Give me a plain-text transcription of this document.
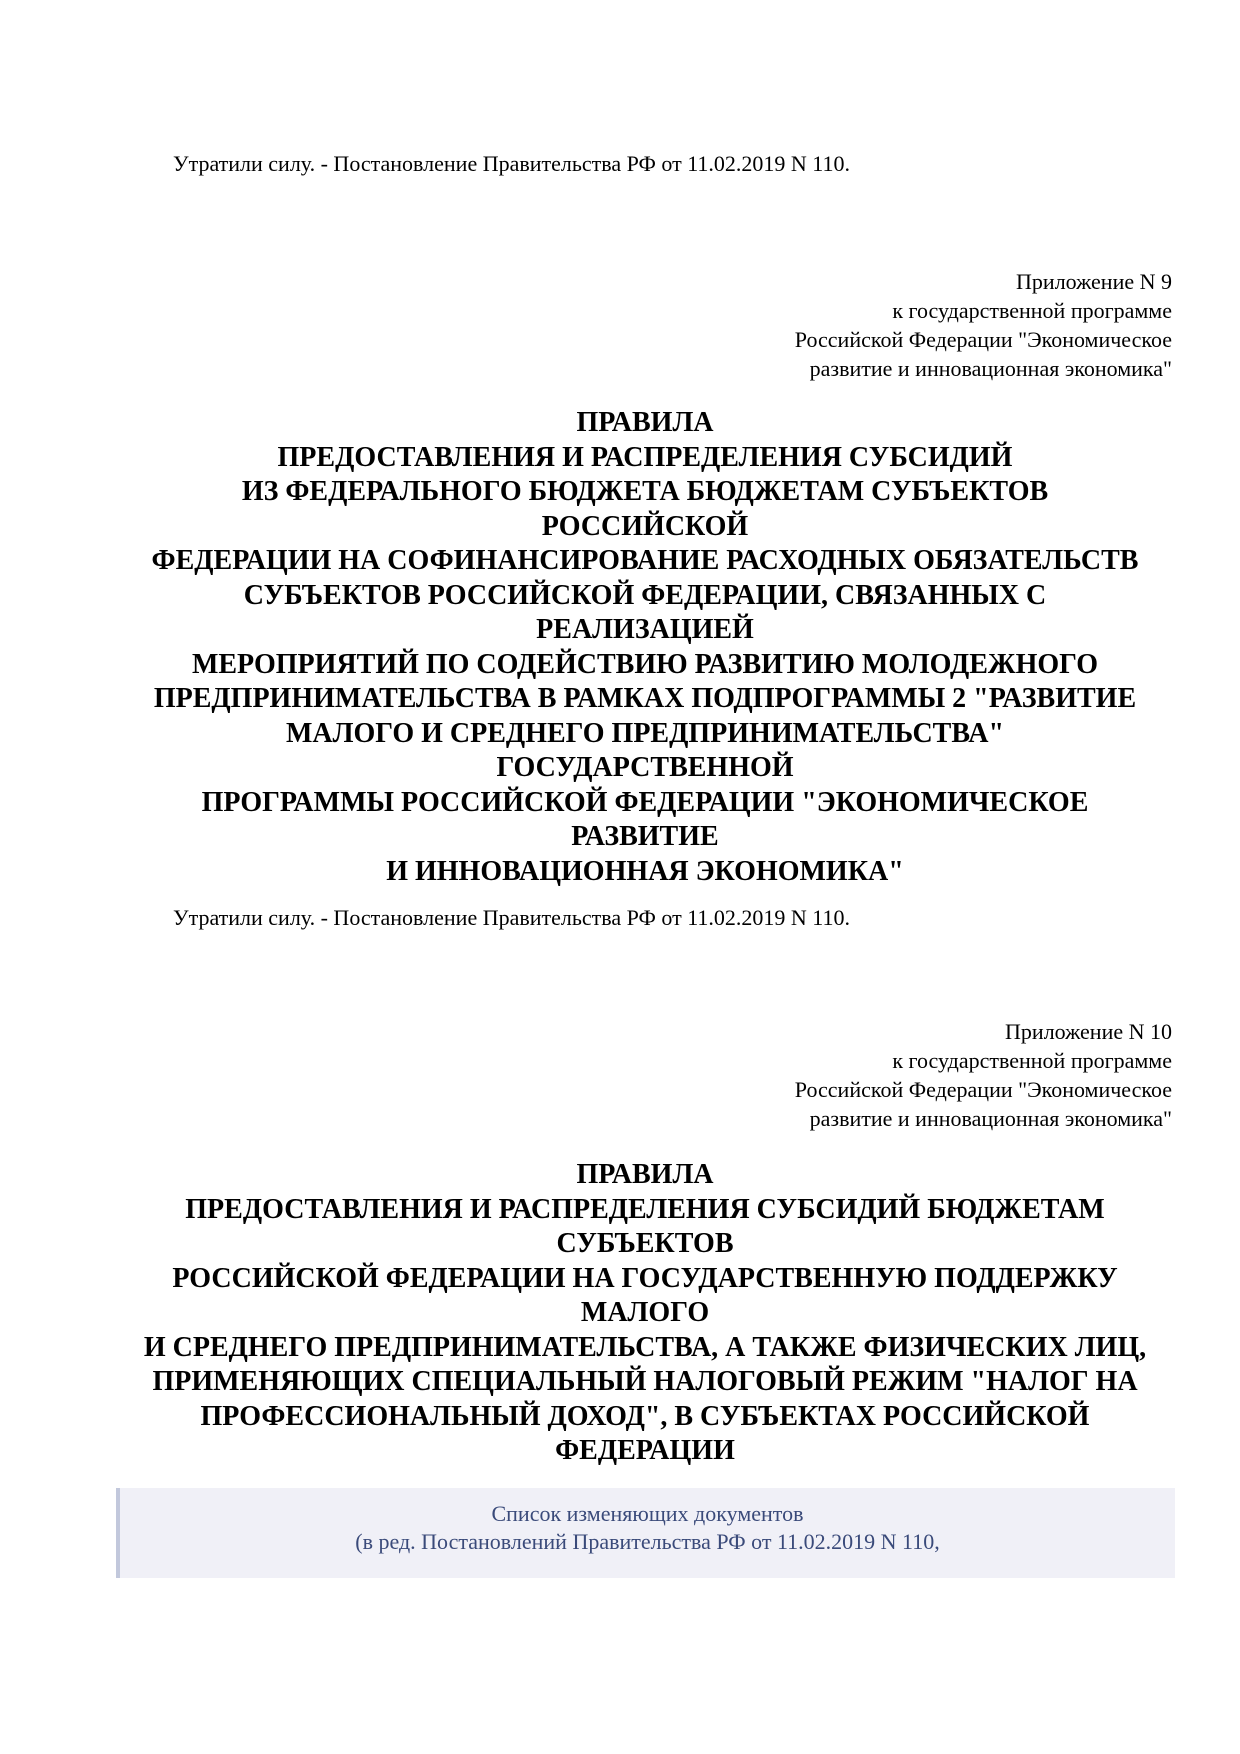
Утратили силу. - Постановление Правительства РФ от 11.02.2019 N 110.
Приложение N 9
к государственной программе
Российской Федерации "Экономическое
развитие и инновационная экономика"
ПРАВИЛА
ПРЕДОСТАВЛЕНИЯ И РАСПРЕДЕЛЕНИЯ СУБСИДИЙ
ИЗ ФЕДЕРАЛЬНОГО БЮДЖЕТА БЮДЖЕТАМ СУБЪЕКТОВ
РОССИЙСКОЙ
ФЕДЕРАЦИИ НА СОФИНАНСИРОВАНИЕ РАСХОДНЫХ ОБЯЗАТЕЛЬСТВ
СУБЪЕКТОВ РОССИЙСКОЙ ФЕДЕРАЦИИ, СВЯЗАННЫХ С
РЕАЛИЗАЦИЕЙ
МЕРОПРИЯТИЙ ПО СОДЕЙСТВИЮ РАЗВИТИЮ МОЛОДЕЖНОГО
ПРЕДПРИНИМАТЕЛЬСТВА В РАМКАХ ПОДПРОГРАММЫ 2 "РАЗВИТИЕ
МАЛОГО И СРЕДНЕГО ПРЕДПРИНИМАТЕЛЬСТВА"
ГОСУДАРСТВЕННОЙ
ПРОГРАММЫ РОССИЙСКОЙ ФЕДЕРАЦИИ "ЭКОНОМИЧЕСКОЕ
РАЗВИТИЕ
И ИННОВАЦИОННАЯ ЭКОНОМИКА"
Утратили силу. - Постановление Правительства РФ от 11.02.2019 N 110.
Приложение N 10
к государственной программе
Российской Федерации "Экономическое
развитие и инновационная экономика"
ПРАВИЛА
ПРЕДОСТАВЛЕНИЯ И РАСПРЕДЕЛЕНИЯ СУБСИДИЙ БЮДЖЕТАМ
СУБЪЕКТОВ
РОССИЙСКОЙ ФЕДЕРАЦИИ НА ГОСУДАРСТВЕННУЮ ПОДДЕРЖКУ
МАЛОГО
И СРЕДНЕГО ПРЕДПРИНИМАТЕЛЬСТВА, А ТАКЖЕ ФИЗИЧЕСКИХ ЛИЦ,
ПРИМЕНЯЮЩИХ СПЕЦИАЛЬНЫЙ НАЛОГОВЫЙ РЕЖИМ "НАЛОГ НА
ПРОФЕССИОНАЛЬНЫЙ ДОХОД", В СУБЪЕКТАХ РОССИЙСКОЙ
ФЕДЕРАЦИИ
Список изменяющих документов
(в ред. Постановлений Правительства РФ от 11.02.2019 N 110,
